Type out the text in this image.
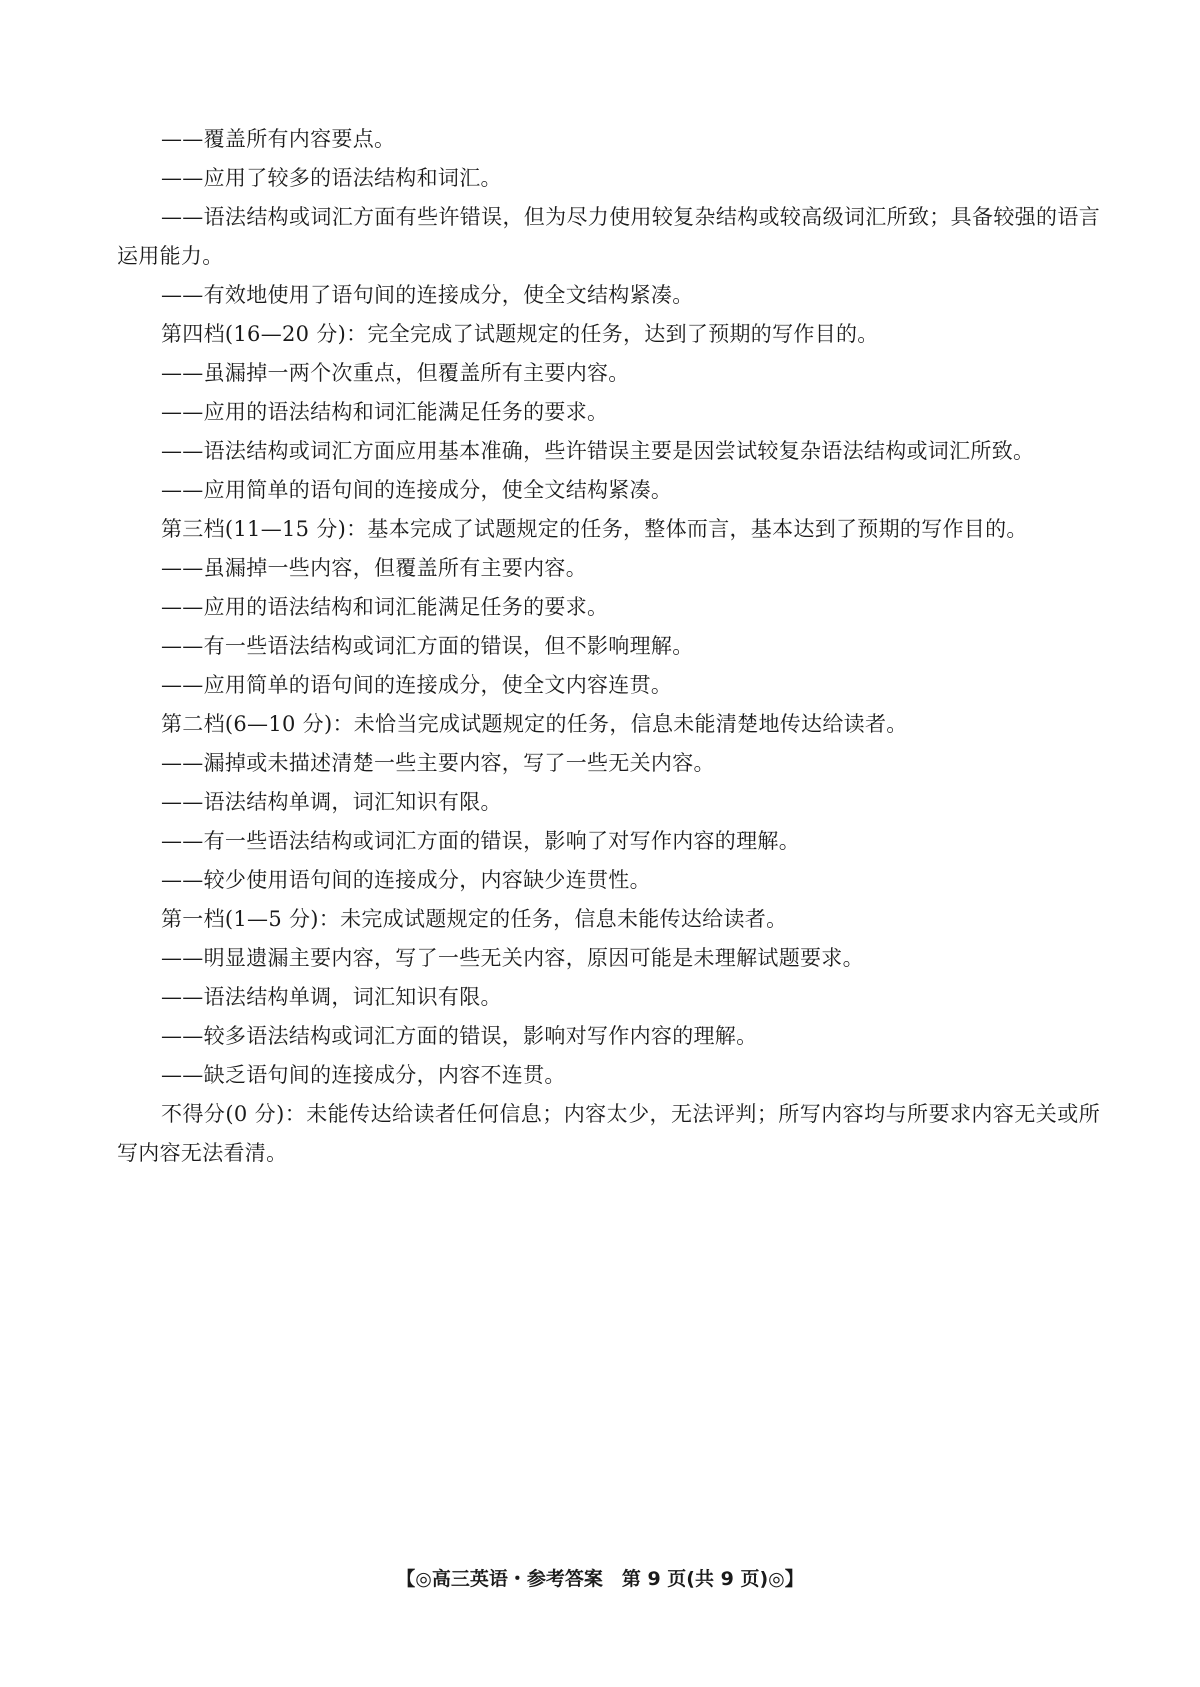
——覆盖所有内容要点。

——应用了较多的语法结构和词汇。

——语法结构或词汇方面有些许错误，但为尽力使用较复杂结构或较高级词汇所致；具备较强的语言运用能力。

——有效地使用了语句间的连接成分，使全文结构紧凑。

第四档(16—20 分)：完全完成了试题规定的任务，达到了预期的写作目的。

——虽漏掉一两个次重点，但覆盖所有主要内容。

——应用的语法结构和词汇能满足任务的要求。

——语法结构或词汇方面应用基本准确，些许错误主要是因尝试较复杂语法结构或词汇所致。

——应用简单的语句间的连接成分，使全文结构紧凑。

第三档(11—15 分)：基本完成了试题规定的任务，整体而言，基本达到了预期的写作目的。

——虽漏掉一些内容，但覆盖所有主要内容。

——应用的语法结构和词汇能满足任务的要求。

——有一些语法结构或词汇方面的错误，但不影响理解。

——应用简单的语句间的连接成分，使全文内容连贯。

第二档(6—10 分)：未恰当完成试题规定的任务，信息未能清楚地传达给读者。

——漏掉或未描述清楚一些主要内容，写了一些无关内容。

——语法结构单调，词汇知识有限。

——有一些语法结构或词汇方面的错误，影响了对写作内容的理解。

——较少使用语句间的连接成分，内容缺少连贯性。

第一档(1—5 分)：未完成试题规定的任务，信息未能传达给读者。

——明显遗漏主要内容，写了一些无关内容，原因可能是未理解试题要求。

——语法结构单调，词汇知识有限。

——较多语法结构或词汇方面的错误，影响对写作内容的理解。

——缺乏语句间的连接成分，内容不连贯。

不得分(0 分)：未能传达给读者任何信息；内容太少，无法评判；所写内容均与所要求内容无关或所写内容无法看清。

【◎高三英语・参考答案　第 9 页(共 9 页)◎】
